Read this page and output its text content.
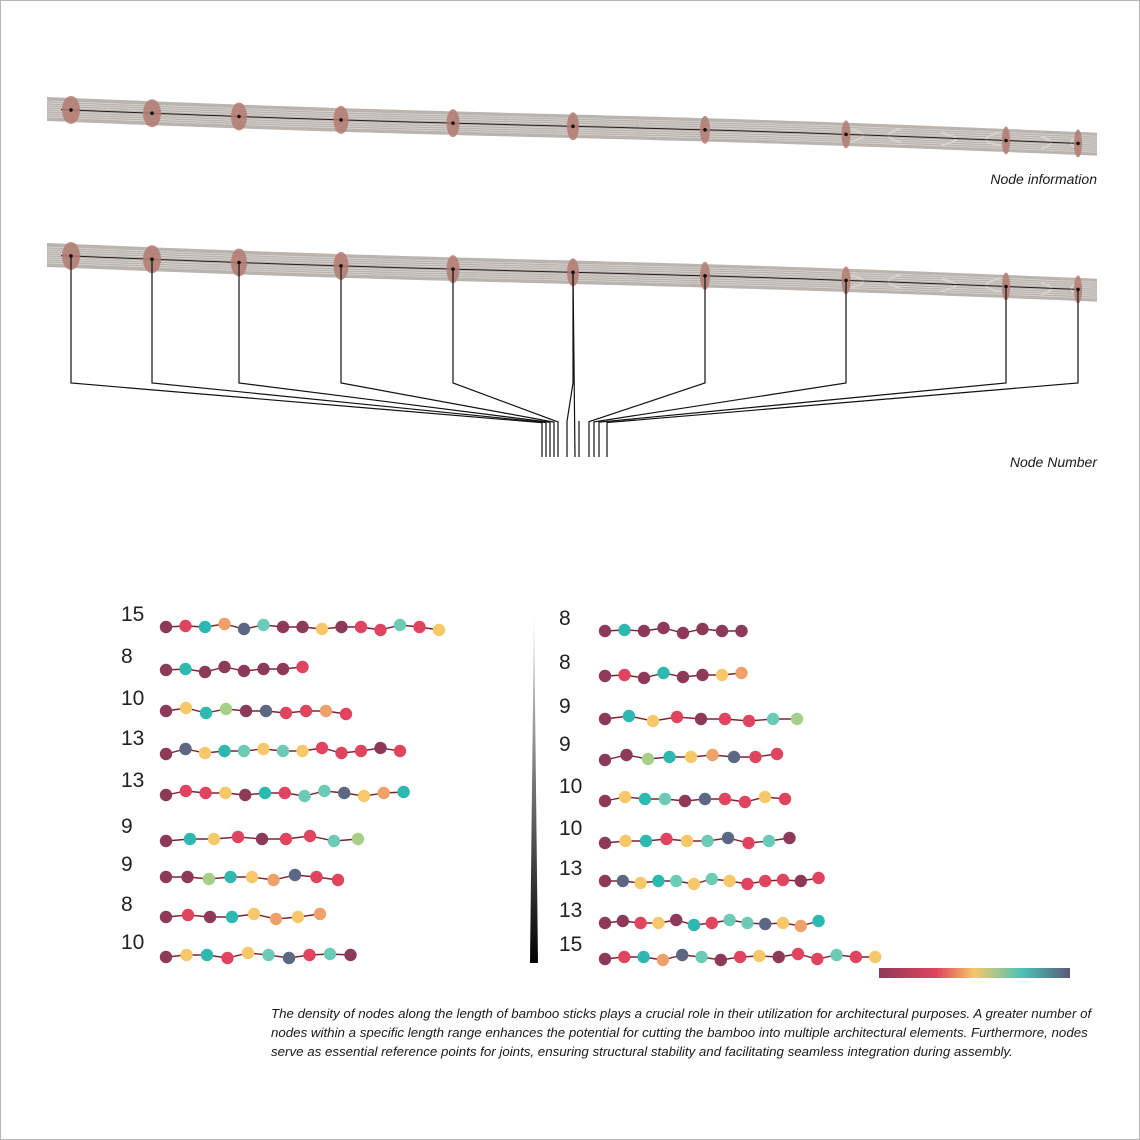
15
8
10
13
13
9
9
8
10
8
8
9
9
10
10
13
13
15
Node information
Node Number

The density of nodes along the length of bamboo sticks plays a crucial role in their utilization for architectural purposes. A greater number of nodes within a specific length range enhances the potential for cutting the bamboo into multiple architectural elements. Furthermore, nodes serve as essential reference points for joints, ensuring structural stability and facilitating seamless integration during assembly.
